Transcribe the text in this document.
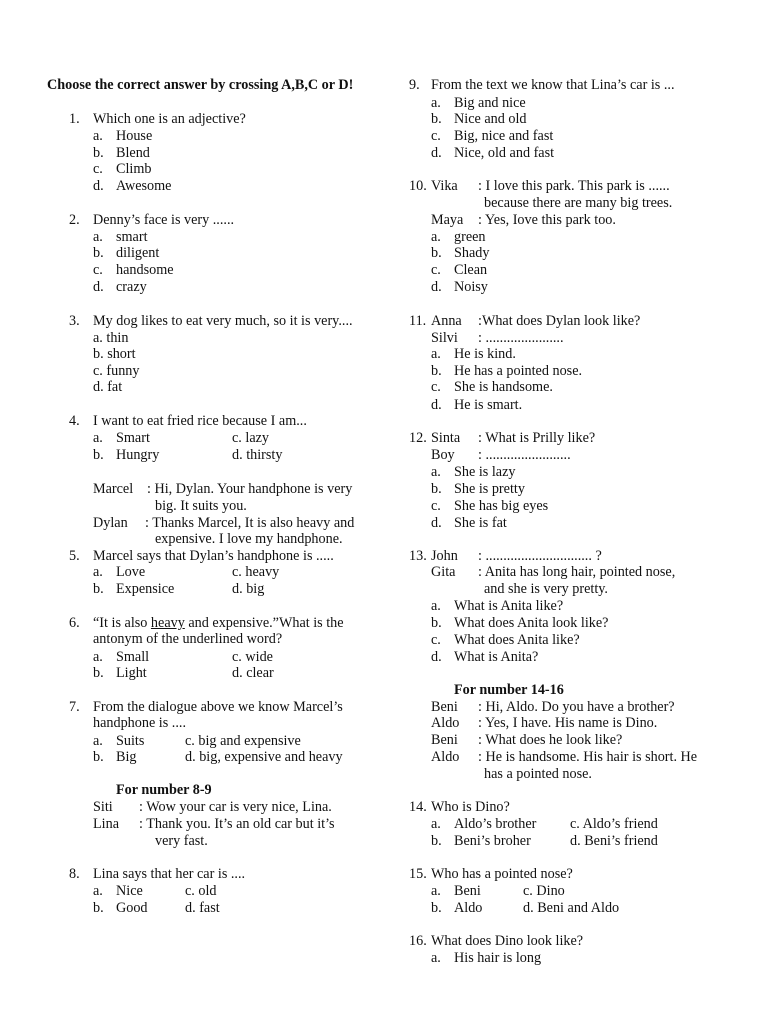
Choose the correct answer by crossing A,B,C or D!
1. Which one is an adjective?
a. House
b. Blend
c. Climb
d. Awesome
2. Denny’s face is very ......
a. smart
b. diligent
c. handsome
d. crazy
3. My dog likes to eat very much, so it is very....
a. thin
b. short
c. funny
d. fat
4. I want to eat fried rice because I am...
a. Smart	c. lazy
b. Hungry	d. thirsty
Marcel : Hi, Dylan. Your handphone is very
big. It suits you.
Dylan : Thanks Marcel, It is also heavy and
expensive. I love my handphone.
5. Marcel says that Dylan’s handphone is .....
a. Love	c. heavy
b. Expensice	d. big
6. “It is also heavy and expensive.”What is the
antonym of the underlined word?
a. Small	c. wide
b. Light	d. clear
7. From the dialogue above we know Marcel’s
handphone is ....
a. Suits	c. big and expensive
b. Big	d. big, expensive and heavy
For number 8-9
Siti : Wow your car is very nice, Lina.
Lina : Thank you. It’s an old car but it’s
very fast.
8. Lina says that her car is ....
a. Nice	c. old
b. Good	d. fast
9. From the text we know that Lina’s car is ...
a. Big and nice
b. Nice and old
c. Big, nice and fast
d. Nice, old and fast
10. Vika : I love this park. This park is ......
because there are many big trees.
Maya : Yes, Iove this park too.
a. green
b. Shady
c. Clean
d. Noisy
11. Anna :What does Dylan look like?
Silvi : ......................
a. He is kind.
b. He has a pointed nose.
c. She is handsome.
d. He is smart.
12. Sinta : What is Prilly like?
Boy : ........................
a. She is lazy
b. She is pretty
c. She has big eyes
d. She is fat
13. John : .............................. ?
Gita : Anita has long hair, pointed nose,
and she is very pretty.
a. What is Anita like?
b. What does Anita look like?
c. What does Anita like?
d. What is Anita?
For number 14-16
Beni : Hi, Aldo. Do you have a brother?
Aldo : Yes, I have. His name is Dino.
Beni : What does he look like?
Aldo : He is handsome. His hair is short. He
has a pointed nose.
14. Who is Dino?
a. Aldo’s brother c. Aldo’s friend
b. Beni’s broher	d. Beni’s friend
15. Who has a pointed nose?
a. Beni	c. Dino
b. Aldo	d. Beni and Aldo
16. What does Dino look like?
a. His hair is long
